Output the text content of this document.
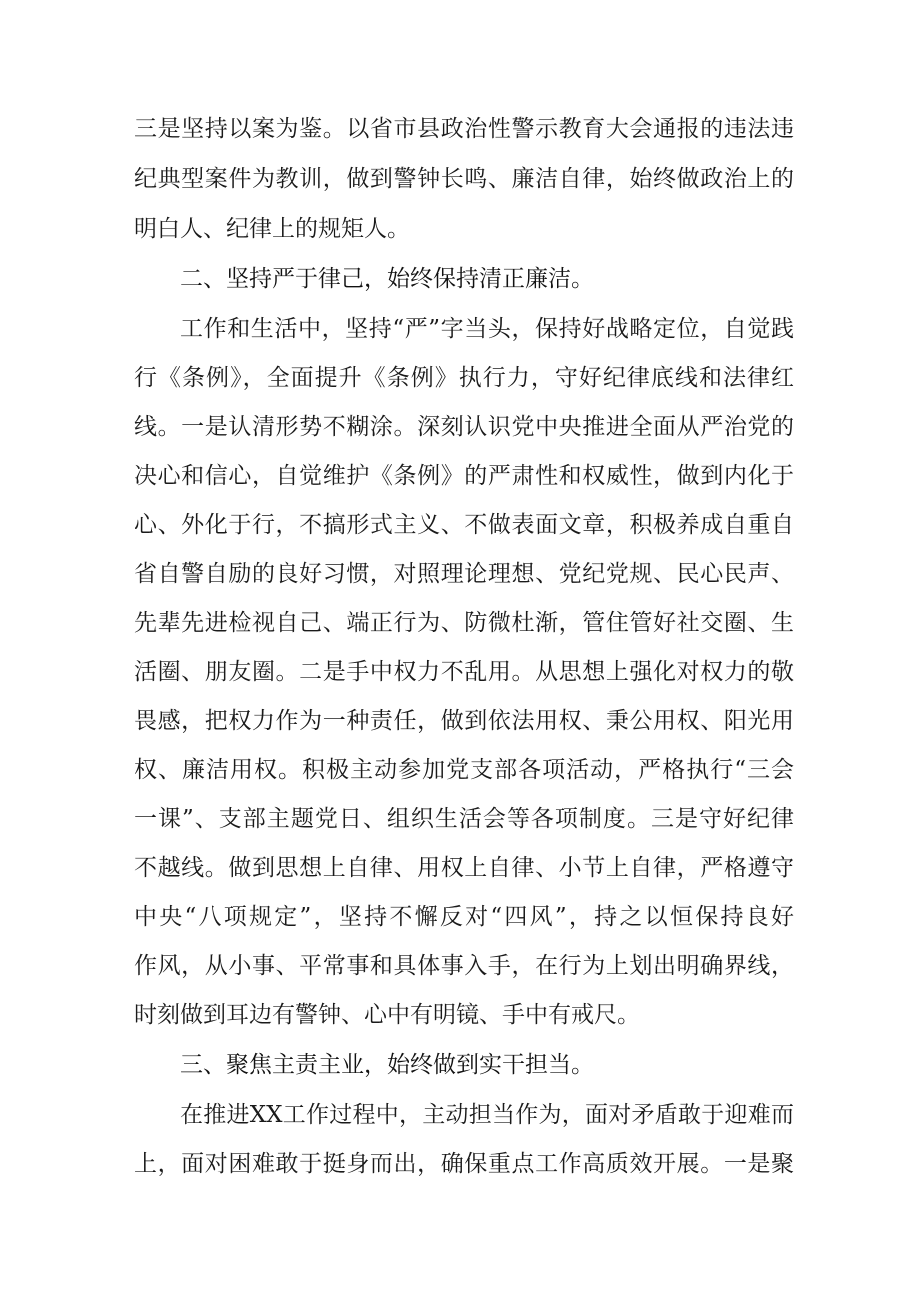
三是坚持以案为鉴。以省市县政治性警示教育大会通报的违法违
纪典型案件为教训，做到警钟长鸣、廉洁自律，始终做政治上的
明白人、纪律上的规矩人。
二、坚持严于律己，始终保持清正廉洁。
工作和生活中，坚持“严”字当头，保持好战略定位，自觉践
行《条例》，全面提升《条例》执行力，守好纪律底线和法律红
线。一是认清形势不糊涂。深刻认识党中央推进全面从严治党的
决心和信心，自觉维护《条例》的严肃性和权威性，做到内化于
心、外化于行，不搞形式主义、不做表面文章，积极养成自重自
省自警自励的良好习惯，对照理论理想、党纪党规、民心民声、
先辈先进检视自己、端正行为、防微杜渐，管住管好社交圈、生
活圈、朋友圈。二是手中权力不乱用。从思想上强化对权力的敬
畏感，把权力作为一种责任，做到依法用权、秉公用权、阳光用
权、廉洁用权。积极主动参加党支部各项活动，严格执行“三会
一课”、支部主题党日、组织生活会等各项制度。三是守好纪律
不越线。做到思想上自律、用权上自律、小节上自律，严格遵守
中央“八项规定”，坚持不懈反对“四风”，持之以恒保持良好
作风，从小事、平常事和具体事入手，在行为上划出明确界线，
时刻做到耳边有警钟、心中有明镜、手中有戒尺。
三、聚焦主责主业，始终做到实干担当。
在推进XX工作过程中，主动担当作为，面对矛盾敢于迎难而
上，面对困难敢于挺身而出，确保重点工作高质效开展。一是聚
